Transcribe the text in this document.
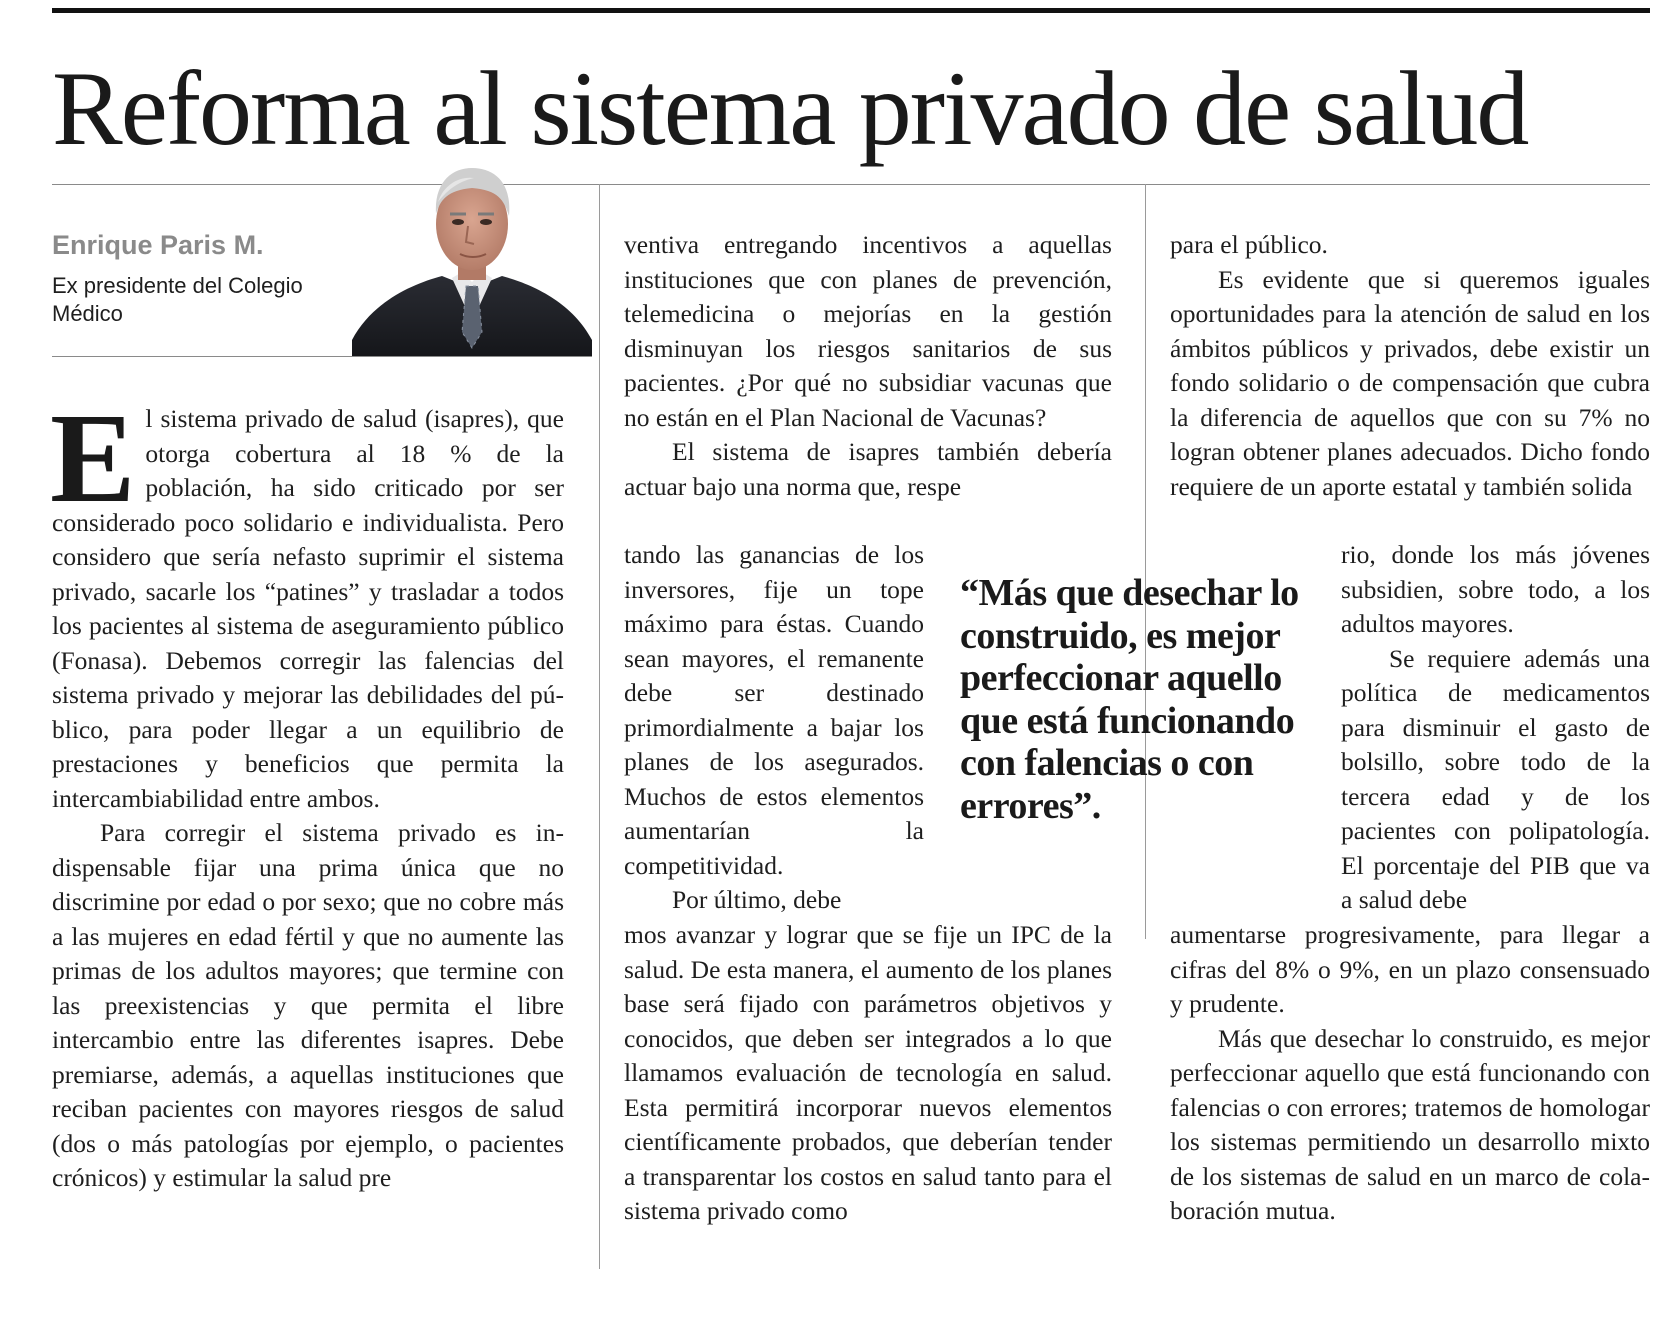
Reforma al sistema privado de salud
Enrique Paris M.
Ex presidente del Colegio Médico

El sistema privado de salud (isapres), que otorga cobertura al 18 % de la población, ha sido criticado por ser considerado poco solidario e individualista. Pero considero que sería nefasto suprimir el sistema privado, sacarle los “patines” y trasladar a todos los pacientes al sistema de aseguramiento público (Fonasa). Debemos corregir las falencias del sistema privado y mejorar las debilidades del público, para poder llegar a un equilibrio de prestaciones y beneficios que permita la intercambiabilidad entre ambos.

Para corregir el sistema privado es indispensable fijar una prima única que no discrimine por edad o por sexo; que no cobre más a las mujeres en edad fértil y que no aumente las primas de los adultos mayores; que termine con las preexistencias y que permita el libre intercambio entre las diferentes isapres. Debe premiarse, además, a aquellas instituciones que reciban pacientes con mayores riesgos de salud (dos o más patologías por ejemplo, o pacientes crónicos) y estimular la salud pre

ventiva entregando incentivos a aquellas instituciones que con planes de prevención, telemedicina o mejorías en la gestión disminuyan los riesgos sanitarios de sus pacientes. ¿Por qué no subsidiar vacunas que no están en el Plan Nacional de Vacunas?

El sistema de isapres también debería actuar bajo una norma que, respe

tando las ganancias de los inversores, fije un tope máximo para éstas. Cuando sean mayores, el remanente debe ser destinado primordialmente a bajar los planes de los asegurados. Muchos de estos elementos aumentarían la competitividad.

Por último, debe

mos avanzar y lograr que se fije un IPC de la salud. De esta manera, el aumento de los planes base será fijado con parámetros objetivos y conocidos, que deben ser integrados a lo que llamamos evaluación de tecnología en salud. Esta permitirá incorporar nuevos elementos científicamente probados, que deberían tender a transparentar los costos en salud tanto para el sistema privado como

“Más que desechar lo construido, es mejor perfeccionar aquello que está funcionando con falencias o con errores”.

para el público.

Es evidente que si queremos iguales oportunidades para la atención de salud en los ámbitos públicos y privados, debe existir un fondo solidario o de compensación que cubra la diferencia de aquellos que con su 7% no logran obtener planes adecuados. Dicho fondo requiere de un aporte estatal y también solida

rio, donde los más jóvenes subsidien, sobre todo, a los adultos mayores.

Se requiere además una política de medicamentos para disminuir el gasto de bolsillo, sobre todo de la tercera edad y de los pacientes con polipatología. El porcentaje del PIB que va a salud debe

aumentarse progresivamente, para llegar a cifras del 8% o 9%, en un plazo consensuado y prudente.

Más que desechar lo construido, es mejor perfeccionar aquello que está funcionando con falencias o con errores; tratemos de homologar los sistemas permitiendo un desarrollo mixto de los sistemas de salud en un marco de colaboración mutua.
